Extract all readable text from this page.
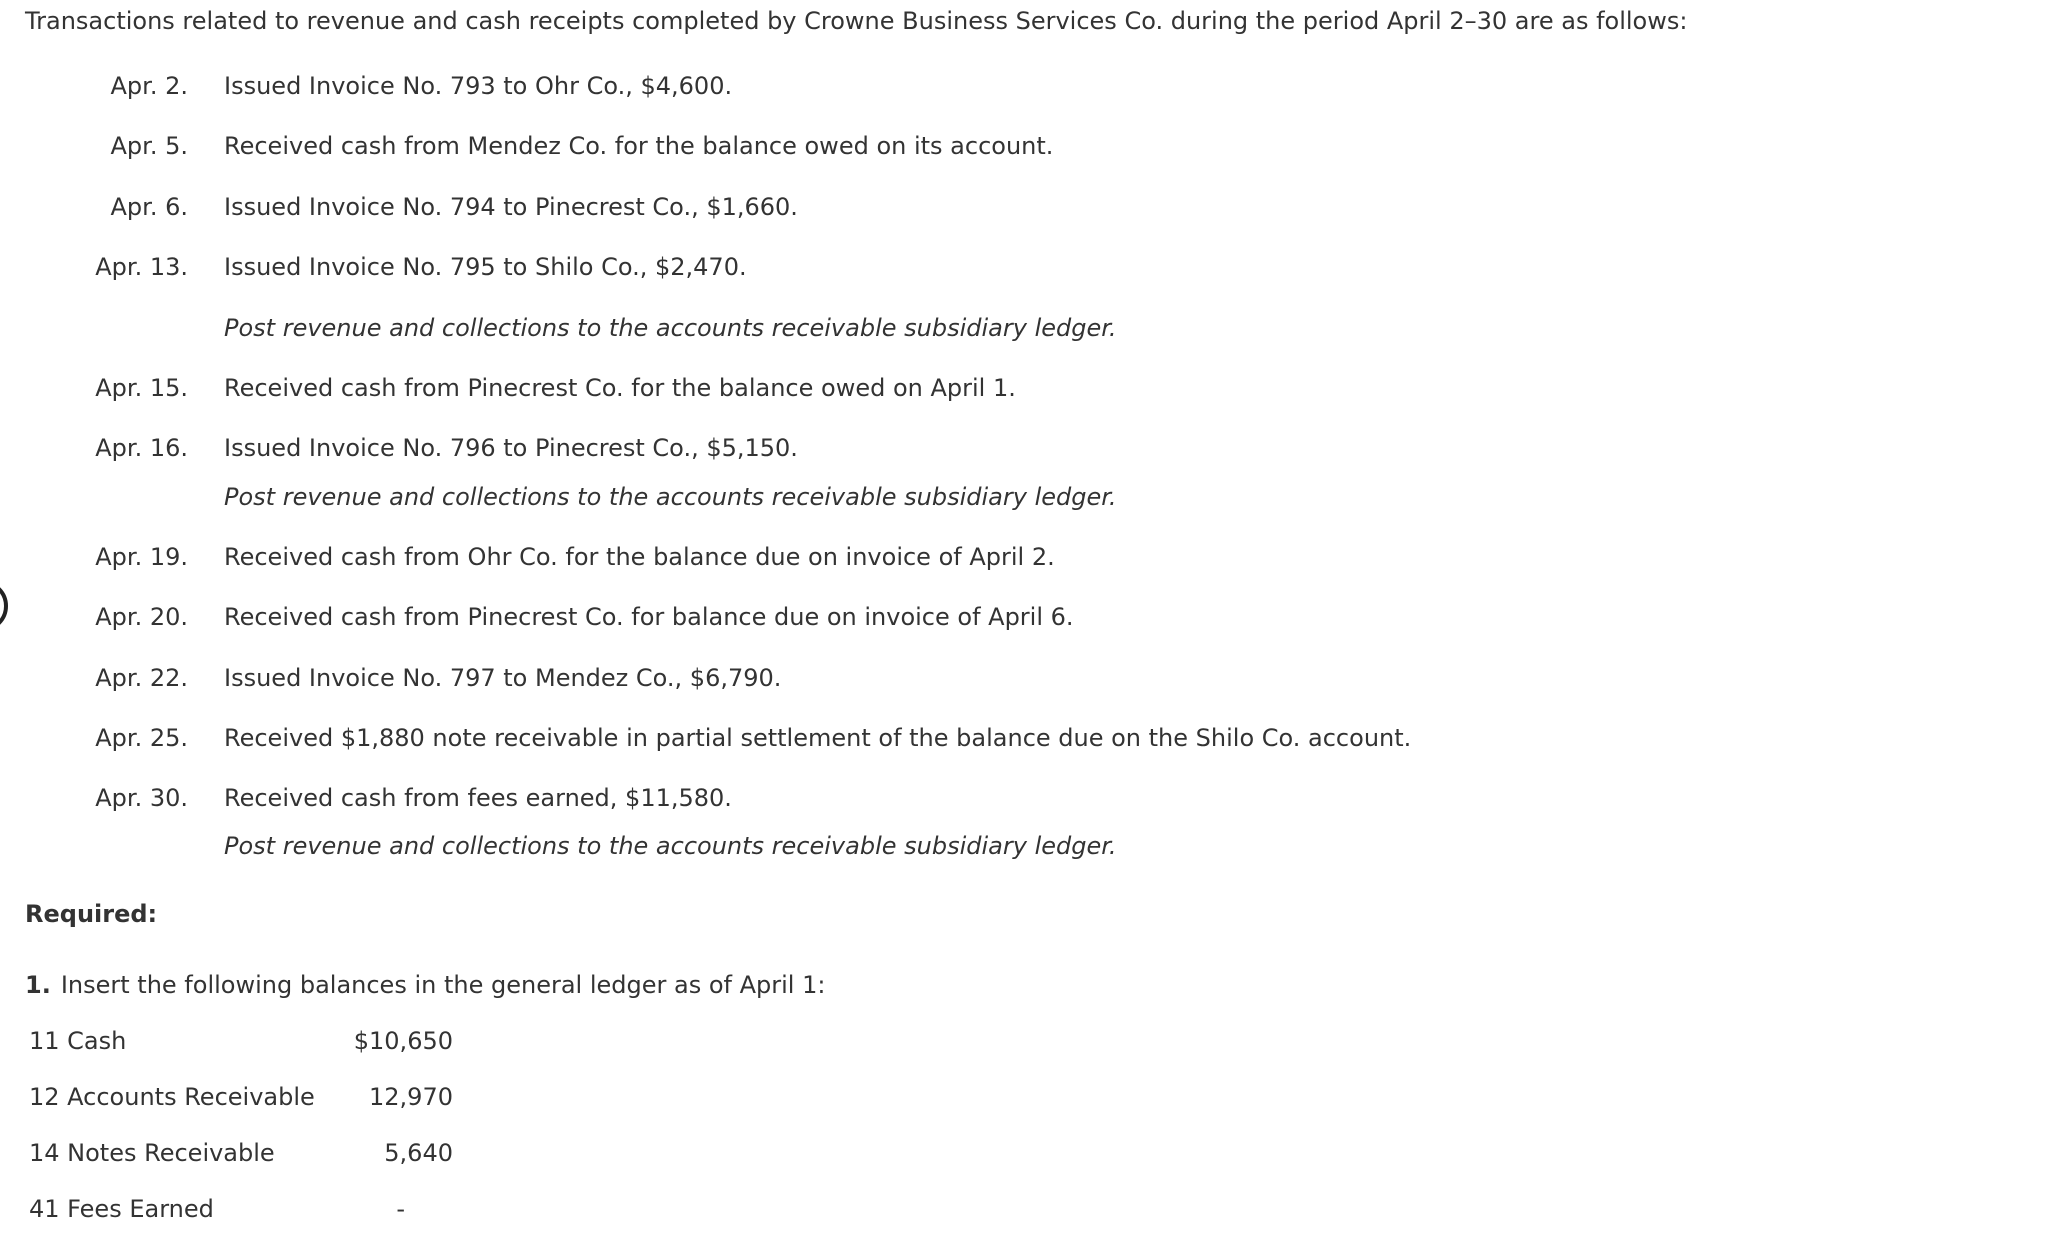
Transactions related to revenue and cash receipts completed by Crowne Business Services Co. during the period April 2–30 are as follows:
Apr. 2. Issued Invoice No. 793 to Ohr Co., $4,600.
Apr. 5. Received cash from Mendez Co. for the balance owed on its account.
Apr. 6. Issued Invoice No. 794 to Pinecrest Co., $1,660.
Apr. 13. Issued Invoice No. 795 to Shilo Co., $2,470.
Post revenue and collections to the accounts receivable subsidiary ledger.
Apr. 15. Received cash from Pinecrest Co. for the balance owed on April 1.
Apr. 16. Issued Invoice No. 796 to Pinecrest Co., $5,150.
Post revenue and collections to the accounts receivable subsidiary ledger.
Apr. 19. Received cash from Ohr Co. for the balance due on invoice of April 2.
Apr. 20. Received cash from Pinecrest Co. for balance due on invoice of April 6.
Apr. 22. Issued Invoice No. 797 to Mendez Co., $6,790.
Apr. 25. Received $1,880 note receivable in partial settlement of the balance due on the Shilo Co. account.
Apr. 30. Received cash from fees earned, $11,580.
Post revenue and collections to the accounts receivable subsidiary ledger.
Required:
1. Insert the following balances in the general ledger as of April 1:
11 Cash	$10,650
12 Accounts Receivable 12,970
14 Notes Receivable	5,640
41 Fees Earned	-
